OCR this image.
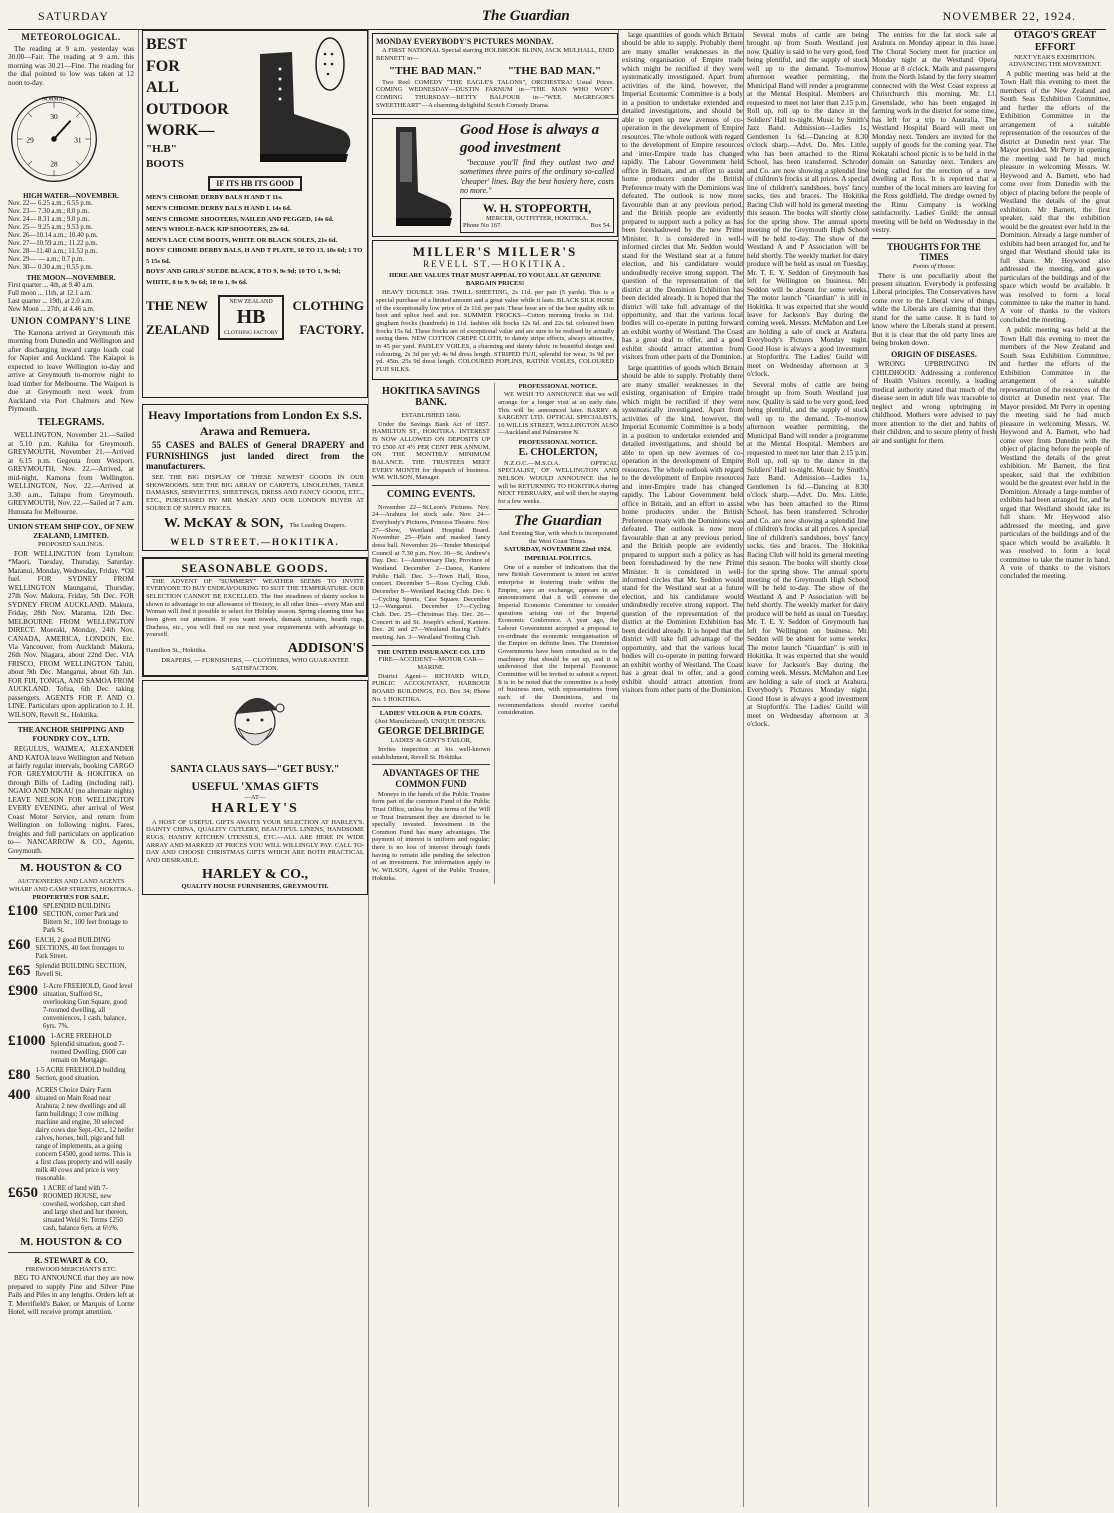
SATURDAY	The Guardian	NOVEMBER 22, 1924.
METEOROLOGICAL.

The reading at 9 a.m. yesterday was 30.00—Fair. The reading at 9 a.m. this morning was 30.21—Fine. The reading for the dial pointed to low was taken at 12 noon to-day.

NORMAL
29
30
31
28
HIGH WATER—NOVEMBER.
Nov. 22— 6.25 a.m.; 6.55 p.m.
Nov. 23— 7.30 a.m.; 8.0 p.m.
Nov. 24— 8.31 a.m.; 9.0 p.m.
Nov. 25— 9.25 a.m.; 9.53 p.m.
Nov. 26—10.14 a.m.; 10.40 p.m.
Nov. 27—10.59 a.m.; 11.22 p.m.
Nov. 28—11.40 a.m.; 11.53 p.m.
Nov. 29— — a.m.; 0.7 p.m.
Nov. 30— 0.30 a.m.; 0.55 p.m.
THE MOON—NOVEMBER.
First quarter ... 4th, at 9.40 a.m.
Full moon ... 11th, at 12.1 a.m.
Last quarter ... 19th, at 2.0 a.m.
New Moon ... 27th, at 4.46 a.m.
UNION COMPANY'S LINE

The Kamona arrived at Greymouth this morning from Dunedin and Wellington and after discharging inward cargo loads coal for Napier and Auckland. The Kaiapoi is expected to leave Wellington to-day and arrive at Greymouth to-morrow night to load timber for Melbourne. The Waipori is due at Greymouth next week from Auckland via Port Chalmers and New Plymouth.

TELEGRAMS.

WELLINGTON, November 21.—Sailed at 5.10 p.m. Kahika for Greymouth. GREYMOUTH, November 21.—Arrived at 6.15 p.m. Gegeuta from Westport. GREYMOUTH, Nov. 22.—Arrived, at mid-night, Kamona from Wellington. WELLINGTON, Nov. 22.—Arrived at 3.30 a.m., Taitapu from Greymouth. GREYMOUTH, Nov. 22.—Sailed at 7 a.m. Hunuata for Melbourne.

UNION STEAM SHIP COY., OF NEW ZEALAND, LIMITED.
PROPOSED SAILINGS.

FOR WELLINGTON from Lyttelton: *Maori, Tuesday, Thursday, Saturday. Maranui, Monday, Wednesday, Friday. *Oil fuel. FOR SYDNEY FROM WELLINGTON Maunganui, Thursday, 27th Nov. Makura, Friday, 5th Dec. FOR SYDNEY FROM AUCKLAND. Makura, Friday, 28th Nov. Marama, 12th Dec. MELBOURNE FROM WELLINGTON DIRECT. Moeraki, Monday, 24th Nov. CANADA, AMERICA, LONDON, Etc. Via Vancouver, from Auckland: Makura, 26th Nov. Niagara, about 22nd Dec. VIA FRISCO, FROM WELLINGTON Tahiti, about 9th Dec. Manganui, about 6th Jan. FOR FIJI, TONGA, AND SAMOA FROM AUCKLAND. Tofua, 6th Dec. taking passengers. AGENTS FOR P. AND O. LINE. Particulars upon application to J. H. WILSON, Revell St., Hokitika.

THE ANCHOR SHIPPING AND FOUNDRY COY., LTD.

REGULUS, WAIMEA, ALEXANDER AND KATOA leave Wellington and Nelson at fairly regular intervals, booking CARGO FOR GREYMOUTH & HOKITIKA on through Bills of Lading (including rail). NGAIO AND NIKAU (no alternate nights) LEAVE NELSON FOR WELLINGTON EVERY EVENING, after arrival of West Coast Motor Service, and return from Wellington on following nights. Fares, freights and full particulars on application to— NANCARROW & CO., Agents, Greymouth.

M. HOUSTON & CO
AUCTIONEERS AND LAND AGENTS WHARF AND CAMP STREETS, HOKITIKA.
PROPERTIES FOR SALE.
£100 SPLENDID BUILDING SECTION, corner Park and Bittern St., 100 feet frontage to Park St.
£60 EACH, 2 good BUILDING SECTIONS, 40 feet frontages to Park Street.
£65 Splendid BUILDING SECTION, Revell St.
£900 1-Acre FREEHOLD, Good level situation, Stafford St., overlooking Gun Square, good 7-roomed dwelling, all conveniences, 1 cash, balance, 6yrs. 7%.
£1000 1-ACRE FREEHOLD Splendid situation, good 7-roomed Dwelling, £600 can remain on Mortgage.
£80 1-5 ACRE FREEHOLD building Section, good situation.
400 ACRES Choice Dairy Farm situated on Main Road near Arahura; 2 new dwellings and all farm buildings; 3 cow milking machine and engine, 30 selected dairy cows due Sept.-Oct., 12 heifer calves, horses, bull, pigs and full range of implements, as a going concern £4500, good terms. This is a first class property and will easily milk 40 cows and price is very reasonable.
£650 1 ACRE of land with 7-ROOMED HOUSE, new cowshed, workshop, cart shed and large shed and hut thereon, situated Weld St. Terms £250 cash, balance 6yrs. at 6½%.
M. HOUSTON & CO
R. STEWART & CO.
FIREWOOD MERCHANTS ETC.

BEG TO ANNOUNCE that they are now prepared to supply Pine and Silver Pine Pails and Piles in any lengths. Orders left at T. Merrifield's Baker, or Marquis of Lorne Hotel, will receive prompt attention.

BEST FOR
ALL
OUTDOOR
WORK—
"H.B" BOOTS
IF ITS HB ITS GOOD
MEN'S CHROME DERBY BALS H AND T 11s.
MEN'S CHROME DERBY BALS H AND L 14s 6d.
MEN'S CHROME SHOOTERS, NAILED AND PEGGED, 14s 6d.
MEN'S WHOLE-BACK KIP SHOOTERS, 23s 6d.
MEN'S LACE CUM BOOTS, WHITE OR BLACK SOLES, 21s 6d.
BOYS' CHROME DERBY BALS, H AND T PLATE, 10 TO 13, 10s 6d; 1 TO 5 15s 6d.
BOYS' AND GIRLS' SUEDE BLACK, 8 TO 9, 9s 9d; 10 TO 1, 9s 9d; WHITE, 8 to 9, 9s 6d; 10 to 1, 9s 6d.
THE NEW
ZEALAND
NEW ZEALAND
HB
CLOTHING FACTORY
CLOTHING
FACTORY.
Heavy Importations from London Ex S.S. Arawa and Remuera.

55 CASES and BALES of General DRAPERY and FURNISHINGS just landed direct from the manufacturers.

SEE THE BIG DISPLAY OF THESE NEWEST GOODS IN OUR SHOWROOMS. SEE THE BIG ARRAY OF CARPETS, LINOLEUMS, TABLE DAMASKS, SERVIETTES, SHEETINGS, DRESS AND FANCY GOODS, ETC., ETC., PURCHASED BY MR McKAY AND OUR LONDON BUYER AT SOURCE OF SUPPLY PRICES.

W. McKAY & SON, The Leading Drapers.
WELD STREET.—HOKITIKA.
SEASONABLE GOODS.

THE ADVENT OF "SUMMERY" WEATHER SEEMS TO INVITE EVERYONE TO BUY ENDEAVOURING TO SUIT THE TEMPERATURE. OUR SELECTION CANNOT BE EXCELLED. The fine steadiness of dainty sockss is shown to advantage to our allowance of Hosiery, to all other lines—every Man and Woman will find it possible to select for Holiday season. Spring cleaning time has been given our attention. If you want towels, damask curtains, hearth rugs, Duchess, etc., you will find on our next year requirements with advantage to yourself.

Hamilton St., Hokitika.	ADDISON'S
DRAPERS, — FURNISHERS, — CLOTHIERS, WHO GUARANTEE SATISFACTION.
SANTA CLAUS SAYS—"GET BUSY."
USEFUL 'XMAS GIFTS
—AT—
HARLEY'S

A HOST OF USEFUL GIFTS AWAITS YOUR SELECTION AT HARLEY'S. DAINTY CHINA, QUALITY CUTLERY, BEAUTIFUL LINENS, HANDSOME RUGS, HANDY KITCHEN UTENSILS, ETC.—ALL ARE HERE IN WIDE ARRAY AND MARKED AT PRICES YOU WILL WILLINGLY PAY. CALL TO-DAY AND CHOOSE CHRISTMAS GIFTS WHICH ARE BOTH PRACTICAL AND DESIRABLE.

HARLEY & CO.,
QUALITY HOUSE FURNISHERS, GREYMOUTH.
MONDAY EVERYBODY'S PICTURES MONDAY.

A FIRST NATIONAL Special starring HOLBROOK BLINN, JACK MULHALL, ENID BENNETT in—

"THE BAD MAN." "THE BAD MAN."

Two Reel COMEDY "THE EAGLE'S TALONS", ORCHESTRA! Usual Prices. COMING WEDNESDAY—DUSTIN FARNUM in—"THE MAN WHO WON". COMING THURSDAY—BETTY BALFOUR in—"WEE McGREGOR'S SWEETHEART"—A charming delightful Scotch Comedy Drama.

Good Hose is always a good investment

"because you'll find they outlast two and sometimes three pairs of the ordinary so-called 'cheaper' lines. Buy the best hosiery here, costs no more."

W. H. STOPFORTH,
MERCER, OUTFITTER, HOKITIKA.
Phone No 167.	Box 54.
MILLER'S MILLER'S
REVELL ST.—HOKITIKA.
HERE ARE VALUES THAT MUST APPEAL TO YOU! ALL AT GENUINE BARGAIN PRICES!

HEAVY DOUBLE 36in. TWILL SHEETING, 2s 11d. per pair (5 yards). This is a special purchase of a limited amount and a great value while it lasts. BLACK SILK HOSE of the exceptionally low price of 2s 11d. per pair. These hose are of the best quality silk to boot and splice heel and toe. SUMMER FROCKS—Cotton morning frocks in 11d. gingham frocks (hundreds) in 11d. fashion silk frocks 12s 6d. and 22s 6d. coloured linen frocks 15s 6d. These frocks are of exceptional value and are sure to be realised by actually seeing them. NEW COTTON CREPE CLOTH, to dainty stripe effects, always attractive, in 45 per yard. PAISLEY VOILES, a charming and dainty fabric in beautiful design and colouring, 2s 3d per yd; 4s 9d dress length. STRIPED FUJI, splendid for wear, 3s 9d per yd. 45in. 25s 9d dress length. COLOURED POPLINS, RATINE VOILES, COLOURED FUJI SILKS.

HOKITIKA SAVINGS BANK.
ESTABLISHED 1866.

Under the Savings Bank Act of 1857. HAMILTON ST., HOKITIKA. INTEREST IS NOW ALLOWED ON DEPOSITS UP TO £500 AT 4½ PER CENT PER ANNUM. ON THE MONTHLY MINIMUM BALANCE. THE TRUSTEES MEET EVERY MONTH for despatch of business. WM. WILSON, Manager.

COMING EVENTS.

November 22—St.Leon's Pictures. Nov. 24—Arahura lot stock sale. Nov. 24—Everybody's Pictures, Princess Theatre. Nov. 27—Show, Westland Hospital Board. November 25—Plain and masked fancy dress ball. November 26—Tender Municipal Council at 7.30 p.m. Nov. 30—St. Andrew's Day. Dec. 1—Anniversary Day, Province of Westland. December 2—Dance, Kaniere Public Hall. Dec. 3—Town Hall, Ross, concert. December 5—Ross Cycling Club. December 8—Westland Racing Club. Dec. 6—Cycling Sports, Cass Square. December 12—Wanganui. December 17—Cycling Club. Dec. 25—Christmas Day. Dec. 26—Concert in aid St. Joseph's school, Kaniere. Dec. 26 and 27—Westland Racing Club's meeting. Jan. 3—Westland Trotting Club.

THE UNITED INSURANCE CO. LTD
FIRE—ACCIDENT—MOTOR CAR—MARINE.

District Agent— RICHARD WILD, PUBLIC ACCOUNTANT, HARBOUR BOARD BUILDINGS, P.O. Box 34; Phone No. 1 HOKITIKA.

LADIES' VELOUR & FUR COATS.
(Just Manufactured). UNIQUE DESIGNS.
GEORGE DELBRIDGE
LADIES' & GENT'S TAILOR,

Invites inspection at his well-known establishment, Revell St. Hokitika.

ADVANTAGES OF THE COMMON FUND

Moneys in the hands of the Public Trustee form part of the common Fund of the Public Trust Office, unless by the terms of the Will or Trust Instrument they are directed to be specially invested. Investment in the Common Fund has many advantages. The payment of interest is uniform and regular; there is no loss of interest through funds having to remain idle pending the selection of an investment. For information apply to W. WILSON, Agent of the Public Trustee, Hokitika.

PROFESSIONAL NOTICE.

WE WISH TO ANNOUNCE that we will arrange for a longer visit at an early date. This will be announced later. BARRY & SARGENT LTD. OPTICAL SPECIALISTS, 16 WILLIS STREET, WELLINGTON ALSO—Auckland and Palmerston N.

PROFESSIONAL NOTICE.
E. CHOLERTON,

N.Z.O.C.—M.S.O.A. OPTICAL SPECIALIST, OF WELLINGTON AND NELSON. WOULD ANNOUNCE that he will be RETURNING TO HOKITIKA during NEXT FEBRUARY, and will then be staying for a few weeks.

The Guardian
And Evening Star, with which is incorporated the West Coast Times.
SATURDAY, NOVEMBER 22nd 1924.
IMPERIAL POLITICS.

One of a number of indications that the new British Government is intent on active enterprise in fostering trade within the Empire, says an exchange, appears in an announcement that it will convene the Imperial Economic Committee to consider questions arising out of the Imperial Economic Conference. A year ago, the Labour Government accepted a proposal to co-ordinate the economic reorganisation of the Empire on definite lines. The Dominion Governments have been consulted as to the machinery that should be set up, and it is understood that the Imperial Economic Committee will be invited to submit a report. It is to be noted that the committee is a body of business men, with representatives from each of the Dominions, and its recommendations should receive careful consideration.

large quantities of goods which Britain should be able to supply. Probably there are many smaller weaknesses in the existing organisation of Empire trade which might be rectified if they were systematically investigated. Apart from activities of the kind, however, the Imperial Economic Committee is a body in a position to undertake extended and detailed investigations, and should be able to open up new avenues of co-operation in the development of Empire resources. The whole outlook with regard to the development of Empire resources and inter-Empire trade has changed rapidly. The Labour Government held office in Britain, and an effort to assist home producers under the British Preference treaty with the Dominions was defeated. The outlook is now more favourable than at any previous period, and the British people are evidently prepared to support such a policy as has been foreshadowed by the new Prime Minister. It is considered in well-informed circles that Mr. Seddon would stand for the Westland seat at a future election, and his candidature would undoubtedly receive strong support. The question of the representation of the district at the Dominion Exhibition has been decided already. It is hoped that the district will take full advantage of the opportunity, and that the various local bodies will co-operate in putting forward an exhibit worthy of Westland. The Coast has a great deal to offer, and a good exhibit should attract attention from visitors from other parts of the Dominion.

large quantities of goods which Britain should be able to supply. Probably there are many smaller weaknesses in the existing organisation of Empire trade which might be rectified if they were systematically investigated. Apart from activities of the kind, however, the Imperial Economic Committee is a body in a position to undertake extended and detailed investigations, and should be able to open up new avenues of co-operation in the development of Empire resources. The whole outlook with regard to the development of Empire resources and inter-Empire trade has changed rapidly. The Labour Government held office in Britain, and an effort to assist home producers under the British Preference treaty with the Dominions was defeated. The outlook is now more favourable than at any previous period, and the British people are evidently prepared to support such a policy as has been foreshadowed by the new Prime Minister. It is considered in well-informed circles that Mr. Seddon would stand for the Westland seat at a future election, and his candidature would undoubtedly receive strong support. The question of the representation of the district at the Dominion Exhibition has been decided already. It is hoped that the district will take full advantage of the opportunity, and that the various local bodies will co-operate in putting forward an exhibit worthy of Westland. The Coast has a great deal to offer, and a good exhibit should attract attention from visitors from other parts of the Dominion.

Several mobs of cattle are being brought up from South Westland just now. Quality is said to be very good, feed being plentiful, and the supply of stock well up to the demand. To-morrow afternoon weather permitting, the Municipal Band will render a programme at the Mental Hospital. Members are requested to meet not later than 2.15 p.m. Roll up, roll up to the dance in the Soldiers' Hall to-night. Music by Smith's Jazz Band. Admission—Ladies 1s, Gentlemen 1s 6d.—Dancing at 8.30 o'clock sharp.—Advt. Do. Mrs. Little, who has been attached to the Rimu School, has been transferred. Schroder and Co. are now showing a splendid line of children's frocks at all prices. A special line of children's sandshoes, boys' fancy socks, ties and braces. The Hokitika Racing Club will hold its general meeting this season. The books will shortly close for the spring show. The annual sports meeting of the Greymouth High School will be held to-day. The show of the Westland A and P Association will be held shortly. The weekly market for dairy produce will be held as usual on Tuesday. Mr. T. E. Y. Seddon of Greymouth has left for Wellington on business. Mr. Seddon will be absent for some weeks. The motor launch "Guardian" is still in Hokitika. It was expected that she would leave for Jackson's Bay during the coming week. Messrs. McMahon and Lee are holding a sale of stock at Arahura. Everybody's Pictures Monday night. Good Hose is always a good investment at Stopforth's. The Ladies' Guild will meet on Wednesday afternoon at 3 o'clock.

Several mobs of cattle are being brought up from South Westland just now. Quality is said to be very good, feed being plentiful, and the supply of stock well up to the demand. To-morrow afternoon weather permitting, the Municipal Band will render a programme at the Mental Hospital. Members are requested to meet not later than 2.15 p.m. Roll up, roll up to the dance in the Soldiers' Hall to-night. Music by Smith's Jazz Band. Admission—Ladies 1s, Gentlemen 1s 6d.—Dancing at 8.30 o'clock sharp.—Advt. Do. Mrs. Little, who has been attached to the Rimu School, has been transferred. Schroder and Co. are now showing a splendid line of children's frocks at all prices. A special line of children's sandshoes, boys' fancy socks, ties and braces. The Hokitika Racing Club will hold its general meeting this season. The books will shortly close for the spring show. The annual sports meeting of the Greymouth High School will be held to-day. The show of the Westland A and P Association will be held shortly. The weekly market for dairy produce will be held as usual on Tuesday. Mr. T. E. Y. Seddon of Greymouth has left for Wellington on business. Mr. Seddon will be absent for some weeks. The motor launch "Guardian" is still in Hokitika. It was expected that she would leave for Jackson's Bay during the coming week. Messrs. McMahon and Lee are holding a sale of stock at Arahura. Everybody's Pictures Monday night. Good Hose is always a good investment at Stopforth's. The Ladies' Guild will meet on Wednesday afternoon at 3 o'clock.

The entries for the fat stock sale at Arahura on Monday appear in this issue. The Choral Society meet for practice on Monday night at the Westland Opera House at 8 o'clock. Mails and passengers from the North Island by the ferry steamer connected with the West Coast express at Christchurch this morning. Mr. Ll. Greenslade, who has been engaged in farming work in the district for some time, has left for a trip to Australia. The Westland Hospital Board will meet on Monday next. Tenders are invited for the supply of goods for the coming year. The Kokatahi school picnic is to be held in the domain on Saturday next. Tenders are being called for the erection of a new dwelling at Ross. It is reported that a number of the local miners are leaving for the Ross goldfield. The dredge owned by the Rimu Company is working satisfactorily. Ladies' Guild: the annual meeting will be held on Wednesday in the vestry.

THOUGHTS FOR THE TIMES
Points of Honor.

There is one peculiarity about the present situation. Everybody is professing Liberal principles. The Conservatives have come over to the Liberal view of things, while the Liberals are claiming that they stand for the same cause. It is hard to know where the Liberals stand at present. But it is clear that the old party lines are being broken down.

ORIGIN OF DISEASES.

WRONG UPBRINGING IN CHILDHOOD. Addressing a conference of Health Visitors recently, a leading medical authority stated that much of the disease seen in adult life was traceable to neglect and wrong upbringing in childhood. Mothers were advised to pay more attention to the diet and habits of their children, and to secure plenty of fresh air and sunlight for them.

OTAGO'S GREAT EFFORT
NEXT YEAR'S EXHIBITION.
ADVANCING THE MOVEMENT.

A public meeting was held at the Town Hall this evening to meet the members of the New Zealand and South Seas Exhibition Committee, and further the efforts of the Exhibition Committee in the arrangement of a suitable representation of the resources of the district at Dunedin next year. The Mayor presided. Mr Perry in opening the meeting said he had much pleasure in welcoming Messrs. W. Heywood and A. Barnett, who had come over from Dunedin with the object of placing before the people of Westland the details of the great exhibition. Mr Barnett, the first speaker, said that the exhibition would be the greatest ever held in the Dominion. Already a large number of exhibits had been arranged for, and he urged that Westland should take its full share. Mr Heywood also addressed the meeting, and gave particulars of the buildings and of the space which would be available. It was resolved to form a local committee to take the matter in hand. A vote of thanks to the visitors concluded the meeting.

A public meeting was held at the Town Hall this evening to meet the members of the New Zealand and South Seas Exhibition Committee, and further the efforts of the Exhibition Committee in the arrangement of a suitable representation of the resources of the district at Dunedin next year. The Mayor presided. Mr Perry in opening the meeting said he had much pleasure in welcoming Messrs. W. Heywood and A. Barnett, who had come over from Dunedin with the object of placing before the people of Westland the details of the great exhibition. Mr Barnett, the first speaker, said that the exhibition would be the greatest ever held in the Dominion. Already a large number of exhibits had been arranged for, and he urged that Westland should take its full share. Mr Heywood also addressed the meeting, and gave particulars of the buildings and of the space which would be available. It was resolved to form a local committee to take the matter in hand. A vote of thanks to the visitors concluded the meeting.
